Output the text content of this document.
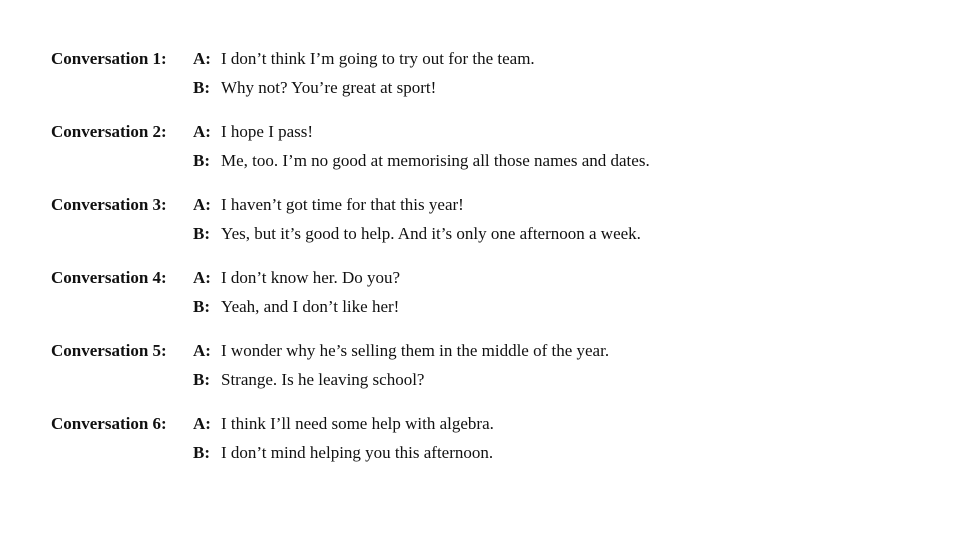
Conversation 1:	A: I don’t think I’m going to try out for the team.
B: Why not? You’re great at sport!
Conversation 2:	A: I hope I pass!
B: Me, too. I’m no good at memorising all those names and dates.
Conversation 3:	A: I haven’t got time for that this year!
B: Yes, but it’s good to help. And it’s only one afternoon a week.
Conversation 4:	A: I don’t know her. Do you?
B: Yeah, and I don’t like her!
Conversation 5:	A: I wonder why he’s selling them in the middle of the year.
B: Strange. Is he leaving school?
Conversation 6:	A: I think I’ll need some help with algebra.
B: I don’t mind helping you this afternoon.
